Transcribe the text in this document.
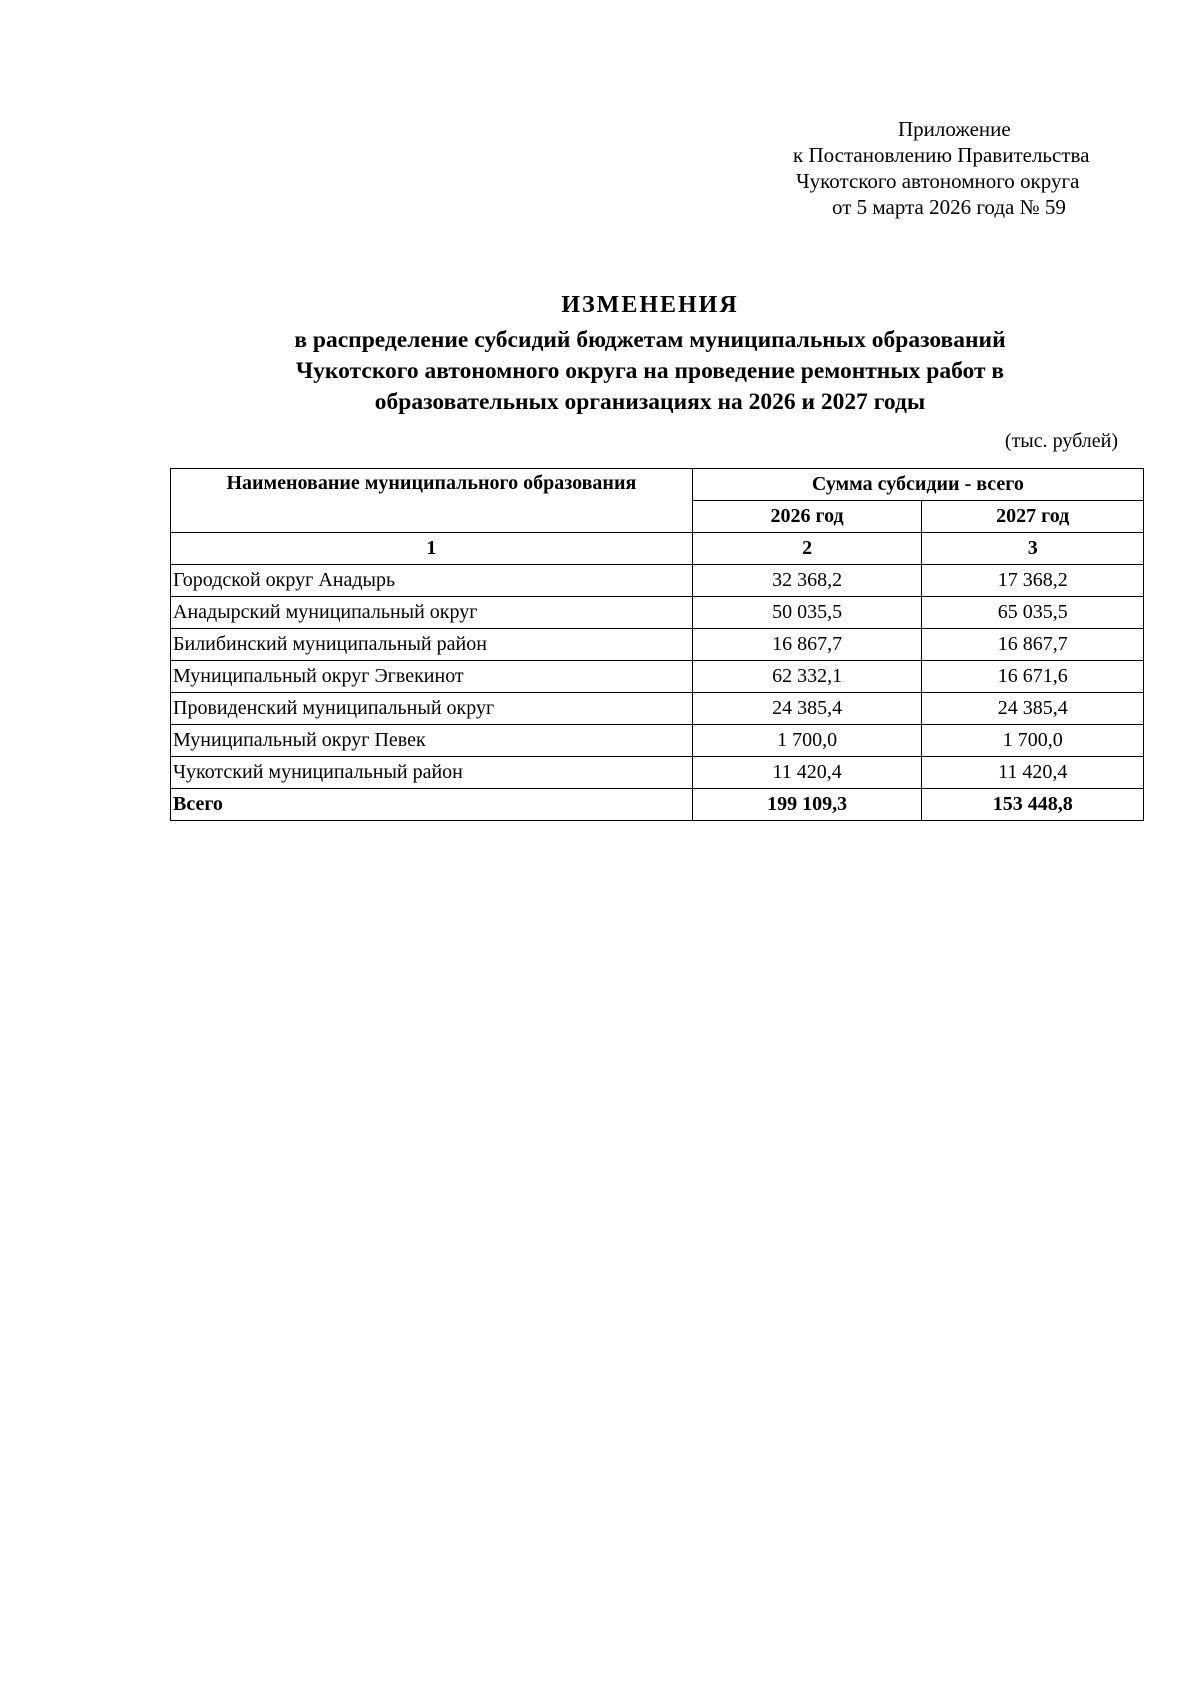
Приложение
к Постановлению Правительства
Чукотского автономного округа
от 5 марта 2026 года № 59
ИЗМЕНЕНИЯ
в распределение субсидий бюджетам муниципальных образований
Чукотского автономного округа на проведение ремонтных работ в
образовательных организациях на 2026 и 2027 годы
(тыс. рублей)
Наименование муниципального образования	Сумма субсидии - всего	
	2026 год	2027 год
1	2	3
Городской округ Анадырь	32 368,2	17 368,2
Анадырский муниципальный округ	50 035,5	65 035,5
Билибинский муниципальный район	16 867,7	16 867,7
Муниципальный округ Эгвекинот	62 332,1	16 671,6
Провиденский муниципальный округ	24 385,4	24 385,4
Муниципальный округ Певек	1 700,0	1 700,0
Чукотский муниципальный район	11 420,4	11 420,4
Всего	199 109,3	153 448,8
